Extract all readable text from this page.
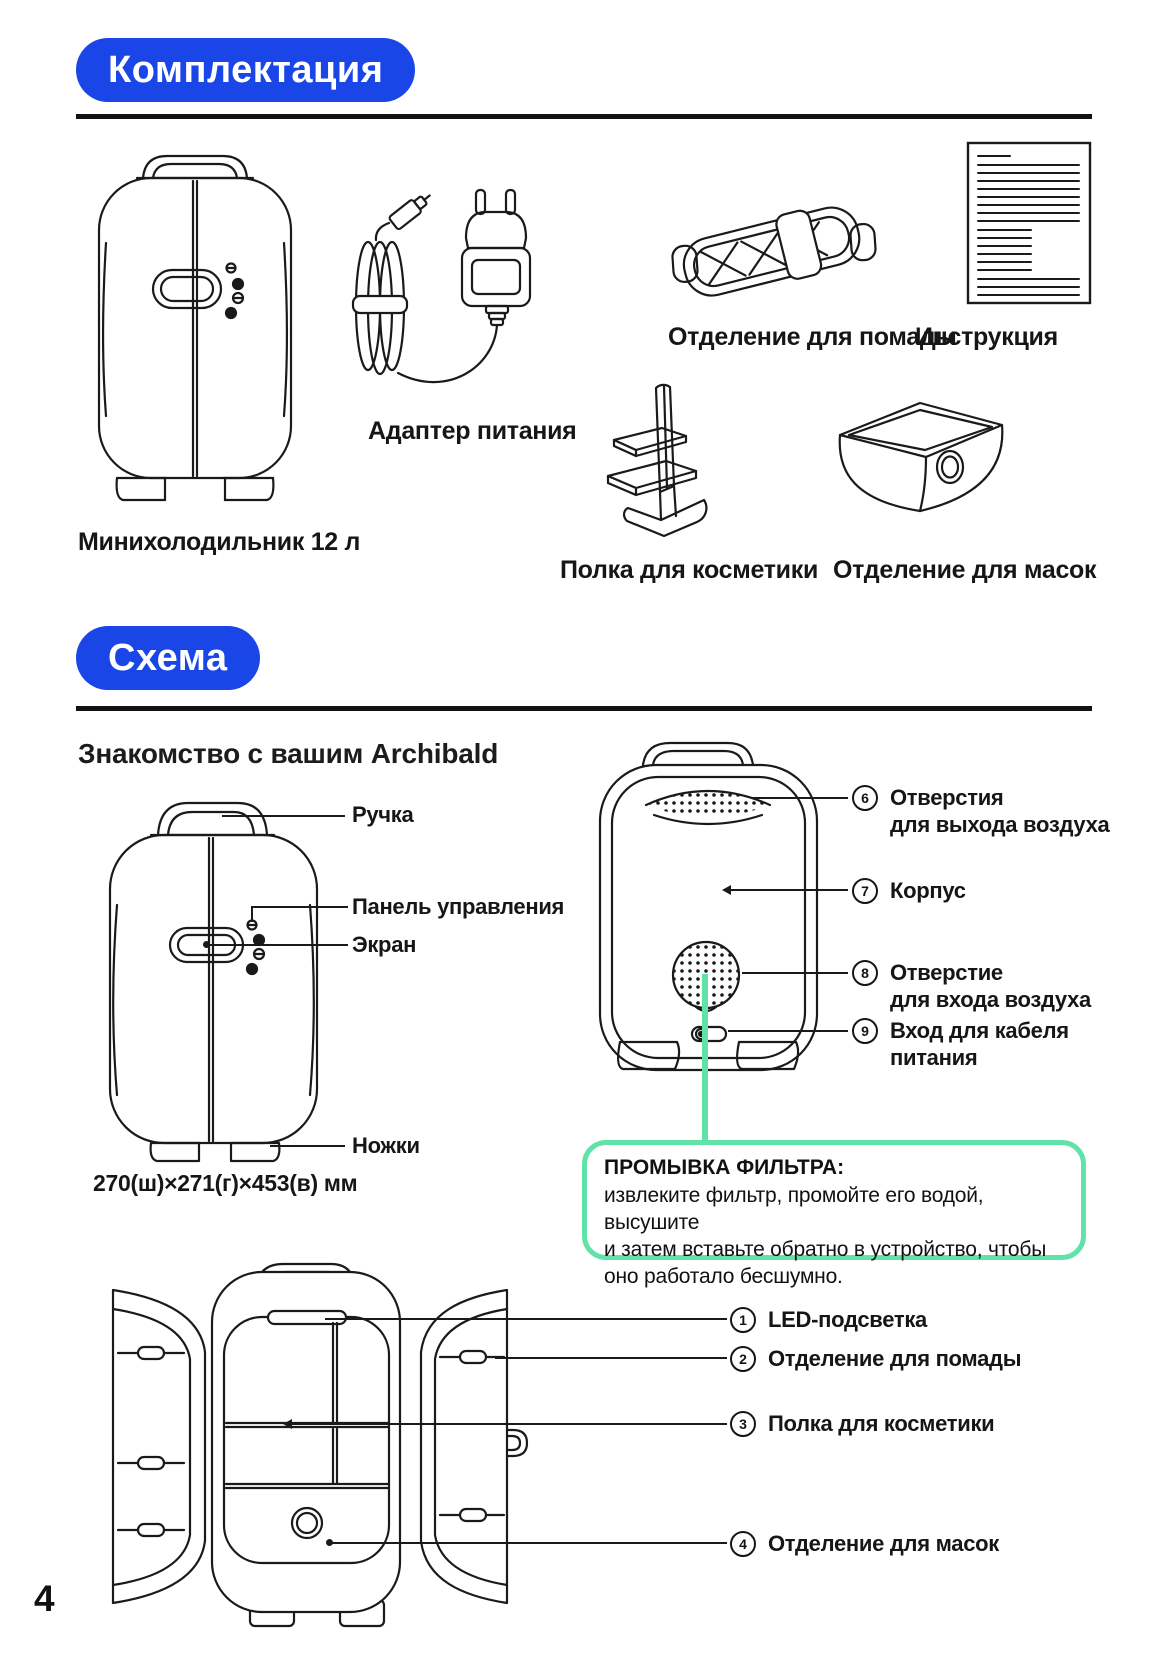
Комплектация
Минихолодильник 12 л
Адаптер питания
Отделение для помады
Инструкция
Полка для косметики Отделение для масок
Схема
Знакомство с вашим Archibald
Ручка
Панель управления
Экран
Ножки
270(ш)×271(г)×453(в) мм
6 Отверстия
для выхода воздуха
7 Корпус
8 Отверстие
для входа воздуха
9 Вход для кабеля
питания
ПРОМЫВКА ФИЛЬТРА:
извлеките фильтр, промойте его водой, высушите
и затем вставьте обратно в устройство, чтобы
оно работало бесшумно.
1 LED-подсветка
2 Отделение для помады
3 Полка для косметики
4 Отделение для масок
4
